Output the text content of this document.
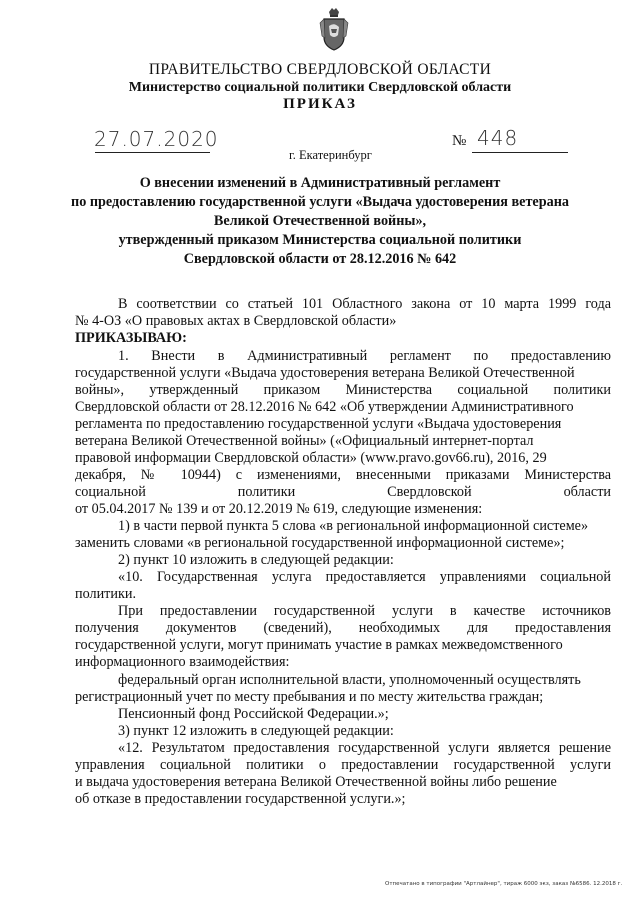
ПРАВИТЕЛЬСТВО СВЕРДЛОВСКОЙ ОБЛАСТИ
Министерство социальной политики Свердловской области
ПРИКАЗ
27.07.2020	№ 448
г. Екатеринбург
О внесении изменений в Административный регламент
по предоставлению государственной услуги «Выдача удостоверения ветерана
Великой Отечественной войны»,
утвержденный приказом Министерства социальной политики
Свердловской области от 28.12.2016 № 642
В соответствии со статьей 101 Областного закона от 10 марта 1999 года
№ 4-ОЗ «О правовых актах в Свердловской области»
ПРИКАЗЫВАЮ:
1. Внести в Административный регламент по предоставлению
государственной услуги «Выдача удостоверения ветерана Великой Отечественной
войны», утвержденный приказом Министерства социальной политики
Свердловской области от 28.12.2016 № 642 «Об утверждении Административного
регламента по предоставлению государственной услуги «Выдача удостоверения
ветерана Великой Отечественной войны» («Официальный интернет-портал
правовой информации Свердловской области» (www.pravo.gov66.ru), 2016, 29
декабря, № 10944) с изменениями, внесенными приказами Министерства
социальной политики Свердловской области
от 05.04.2017 № 139 и от 20.12.2019 № 619, следующие изменения:
1) в части первой пункта 5 слова «в региональной информационной системе»
заменить словами «в региональной государственной информационной системе»;
2) пункт 10 изложить в следующей редакции:
«10. Государственная услуга предоставляется управлениями социальной
политики.
При предоставлении государственной услуги в качестве источников
получения документов (сведений), необходимых для предоставления
государственной услуги, могут принимать участие в рамках межведомственного
информационного взаимодействия:
федеральный орган исполнительной власти, уполномоченный осуществлять
регистрационный учет по месту пребывания и по месту жительства граждан;
Пенсионный фонд Российской Федерации.»;
3) пункт 12 изложить в следующей редакции:
«12. Результатом предоставления государственной услуги является решение
управления социальной политики о предоставлении государственной услуги
и выдача удостоверения ветерана Великой Отечественной войны либо решение
об отказе в предоставлении государственной услуги.»;
Отпечатано в типографии "Артлайнер", тираж 6000 экз, заказ №6586. 12.2018 г.
